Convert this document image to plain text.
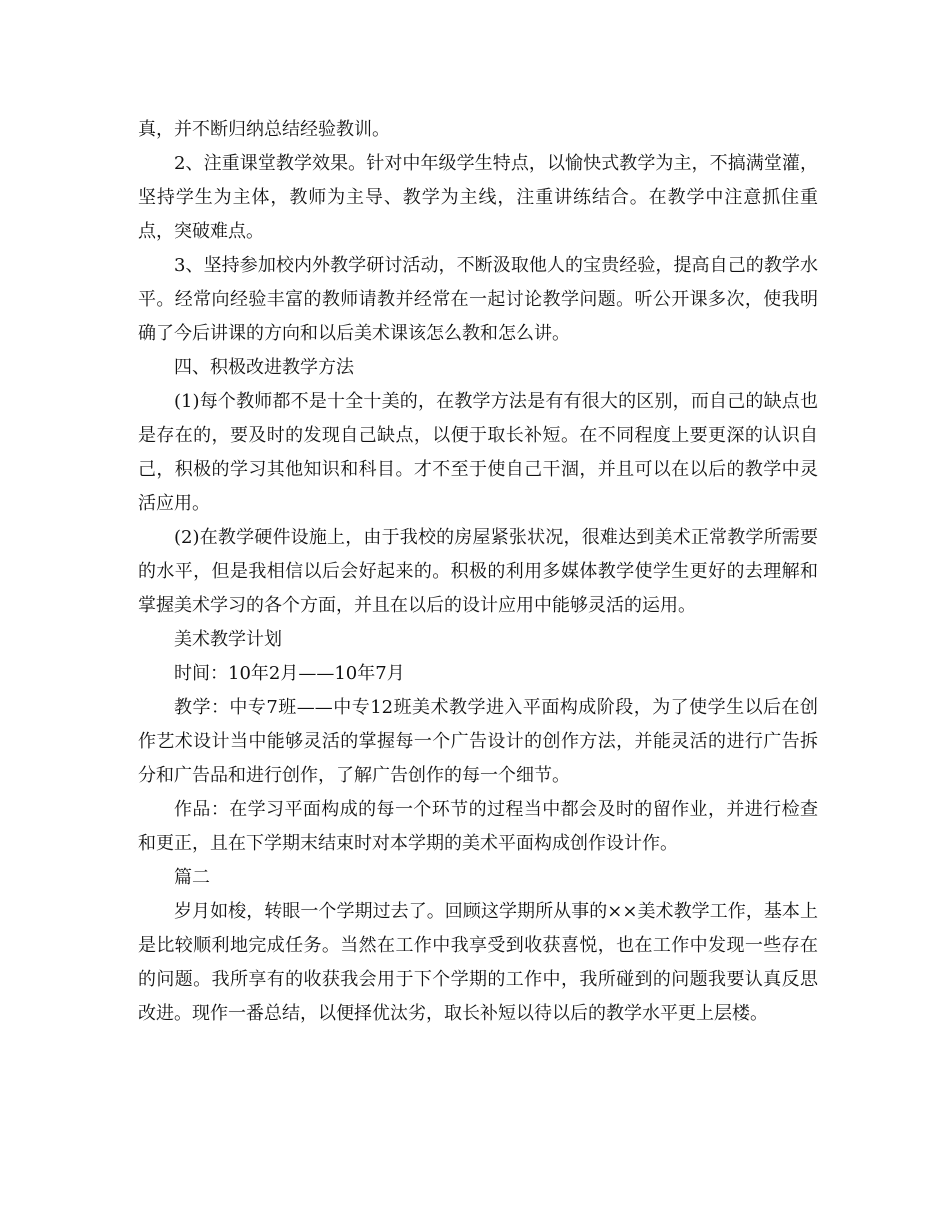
真，并不断归纳总结经验教训。

2、注重课堂教学效果。针对中年级学生特点，以愉快式教学为主，不搞满堂灌，坚持学生为主体，教师为主导、教学为主线，注重讲练结合。在教学中注意抓住重点，突破难点。

3、坚持参加校内外教学研讨活动，不断汲取他人的宝贵经验，提高自己的教学水平。经常向经验丰富的教师请教并经常在一起讨论教学问题。听公开课多次，使我明确了今后讲课的方向和以后美术课该怎么教和怎么讲。

四、积极改进教学方法

(1)每个教师都不是十全十美的，在教学方法是有有很大的区别，而自己的缺点也是存在的，要及时的发现自己缺点，以便于取长补短。在不同程度上要更深的认识自己，积极的学习其他知识和科目。才不至于使自己干涸，并且可以在以后的教学中灵活应用。

(2)在教学硬件设施上，由于我校的房屋紧张状况，很难达到美术正常教学所需要的水平，但是我相信以后会好起来的。积极的利用多媒体教学使学生更好的去理解和掌握美术学习的各个方面，并且在以后的设计应用中能够灵活的运用。

美术教学计划

时间：10年2月——10年7月

教学：中专7班——中专12班美术教学进入平面构成阶段，为了使学生以后在创作艺术设计当中能够灵活的掌握每一个广告设计的创作方法，并能灵活的进行广告拆分和广告品和进行创作，了解广告创作的每一个细节。

作品：在学习平面构成的每一个环节的过程当中都会及时的留作业，并进行检查和更正，且在下学期末结束时对本学期的美术平面构成创作设计作。

篇二

岁月如梭，转眼一个学期过去了。回顾这学期所从事的××美术教学工作，基本上是比较顺利地完成任务。当然在工作中我享受到收获喜悦，也在工作中发现一些存在的问题。我所享有的收获我会用于下个学期的工作中，我所碰到的问题我要认真反思改进。现作一番总结，以便择优汰劣，取长补短以待以后的教学水平更上层楼。
